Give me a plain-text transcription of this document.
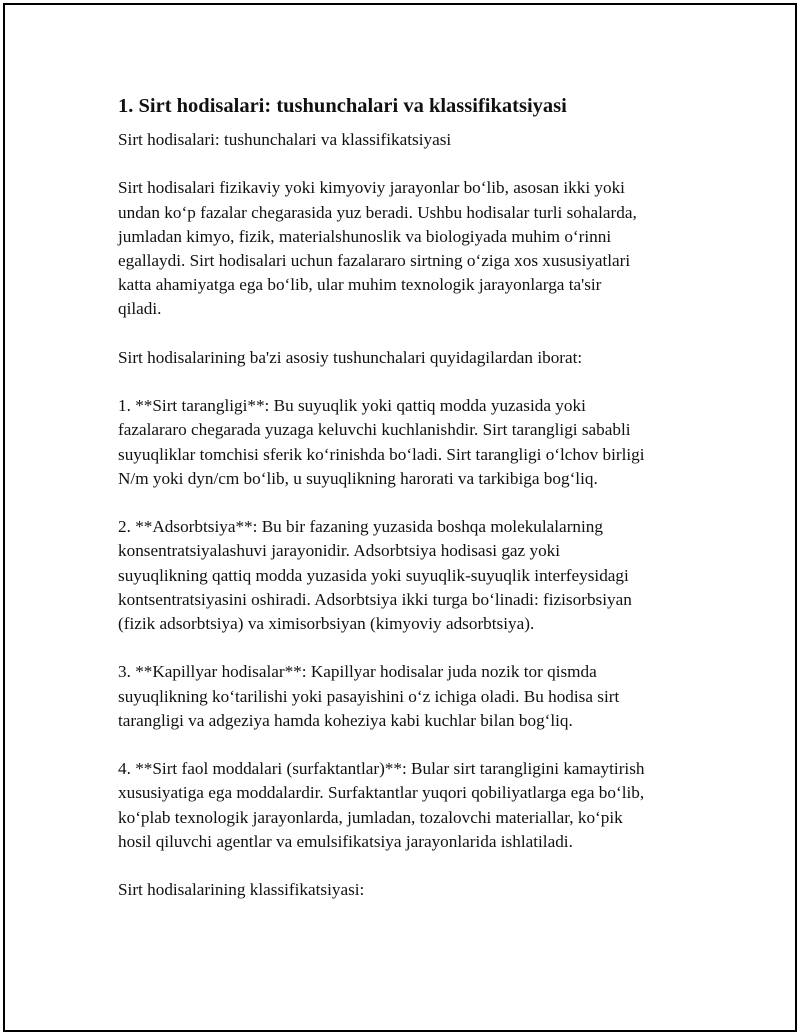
1. Sirt hodisalari: tushunchalari va klassifikatsiyasi
Sirt hodisalari: tushunchalari va klassifikatsiyasi
Sirt hodisalari fizikaviy yoki kimyoviy jarayonlar bo‘lib, asosan ikki yoki
undan ko‘p fazalar chegarasida yuz beradi. Ushbu hodisalar turli sohalarda,
jumladan kimyo, fizik, materialshunoslik va biologiyada muhim o‘rinni
egallaydi. Sirt hodisalari uchun fazalararo sirtning o‘ziga xos xususiyatlari
katta ahamiyatga ega bo‘lib, ular muhim texnologik jarayonlarga ta'sir
qiladi.
Sirt hodisalarining ba'zi asosiy tushunchalari quyidagilardan iborat:
1. **Sirt tarangligi**: Bu suyuqlik yoki qattiq modda yuzasida yoki
fazalararo chegarada yuzaga keluvchi kuchlanishdir. Sirt tarangligi sababli
suyuqliklar tomchisi sferik ko‘rinishda bo‘ladi. Sirt tarangligi o‘lchov birligi
N/m yoki dyn/cm bo‘lib, u suyuqlikning harorati va tarkibiga bog‘liq.
2. **Adsorbtsiya**: Bu bir fazaning yuzasida boshqa molekulalarning
konsentratsiyalashuvi jarayonidir. Adsorbtsiya hodisasi gaz yoki
suyuqlikning qattiq modda yuzasida yoki suyuqlik-suyuqlik interfeysidagi
kontsentratsiyasini oshiradi. Adsorbtsiya ikki turga bo‘linadi: fizisorbsiyan
(fizik adsorbtsiya) va ximisorbsiyan (kimyoviy adsorbtsiya).
3. **Kapillyar hodisalar**: Kapillyar hodisalar juda nozik tor qismda
suyuqlikning ko‘tarilishi yoki pasayishini o‘z ichiga oladi. Bu hodisa sirt
tarangligi va adgeziya hamda koheziya kabi kuchlar bilan bog‘liq.
4. **Sirt faol moddalari (surfaktantlar)**: Bular sirt tarangligini kamaytirish
xususiyatiga ega moddalardir. Surfaktantlar yuqori qobiliyatlarga ega bo‘lib,
ko‘plab texnologik jarayonlarda, jumladan, tozalovchi materiallar, ko‘pik
hosil qiluvchi agentlar va emulsifikatsiya jarayonlarida ishlatiladi.
Sirt hodisalarining klassifikatsiyasi:
